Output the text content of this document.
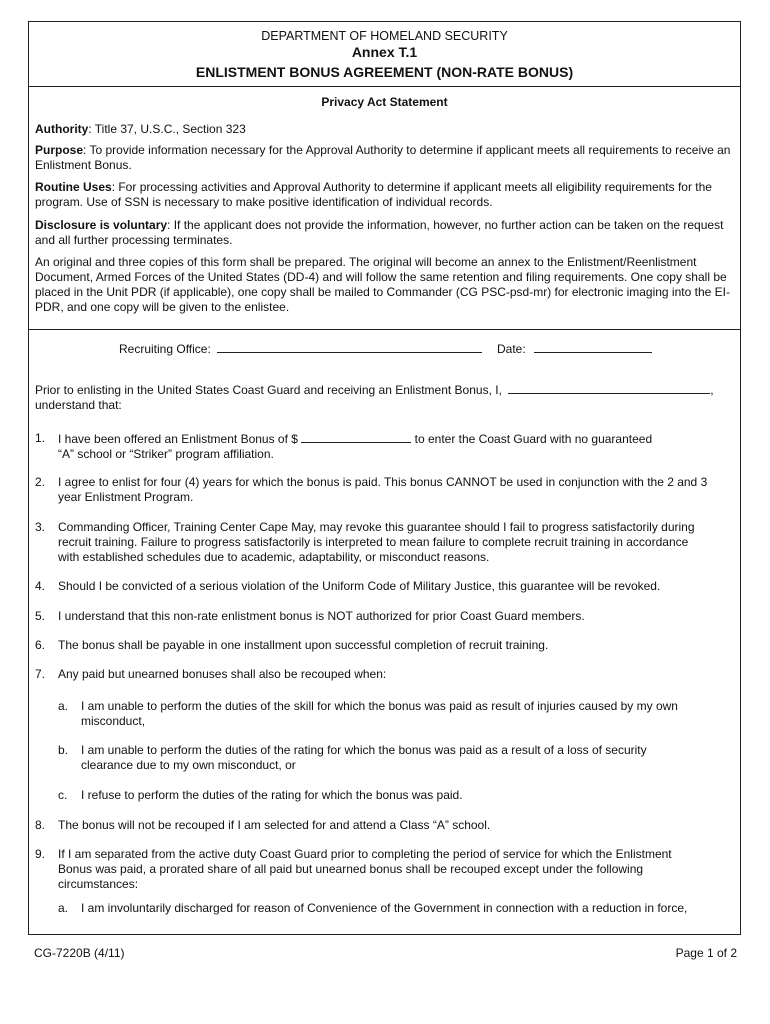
DEPARTMENT OF HOMELAND SECURITY
Annex T.1
ENLISTMENT BONUS AGREEMENT (NON-RATE BONUS)
Privacy Act Statement

Authority: Title 37, U.S.C., Section 323

Purpose: To provide information necessary for the Approval Authority to determine if applicant meets all requirements to receive an Enlistment Bonus.

Routine Uses: For processing activities and Approval Authority to determine if applicant meets all eligibility requirements for the program. Use of SSN is necessary to make positive identification of individual records.

Disclosure is voluntary: If the applicant does not provide the information, however, no further action can be taken on the request and all further processing terminates.

An original and three copies of this form shall be prepared. The original will become an annex to the Enlistment/Reenlistment Document, Armed Forces of the United States (DD-4) and will follow the same retention and filing requirements. One copy shall be placed in the Unit PDR (if applicable), one copy shall be mailed to Commander (CG PSC-psd-mr) for electronic imaging into the EI-PDR, and one copy will be given to the enlistee.

Recruiting Office:	Date:
Prior to enlisting in the United States Coast Guard and receiving an Enlistment Bonus, I,	,
understand that:
1. I have been offered an Enlistment Bonus of $	to enter the Coast Guard with no guaranteed
“A” school or “Striker” program affiliation.
2. I agree to enlist for four (4) years for which the bonus is paid. This bonus CANNOT be used in conjunction with the 2 and 3 year Enlistment Program.
3. Commanding Officer, Training Center Cape May, may revoke this guarantee should I fail to progress satisfactorily during recruit training. Failure to progress satisfactorily is interpreted to mean failure to complete recruit training in accordance with established schedules due to academic, adaptability, or misconduct reasons.
4. Should I be convicted of a serious violation of the Uniform Code of Military Justice, this guarantee will be revoked.
5. I understand that this non-rate enlistment bonus is NOT authorized for prior Coast Guard members.
6. The bonus shall be payable in one installment upon successful completion of recruit training.
7. Any paid but unearned bonuses shall also be recouped when:
a. I am unable to perform the duties of the skill for which the bonus was paid as result of injuries caused by my own misconduct,
b. I am unable to perform the duties of the rating for which the bonus was paid as a result of a loss of security clearance due to my own misconduct, or
c. I refuse to perform the duties of the rating for which the bonus was paid.
8. The bonus will not be recouped if I am selected for and attend a Class “A” school.
9. If I am separated from the active duty Coast Guard prior to completing the period of service for which the Enlistment Bonus was paid, a prorated share of all paid but unearned bonus shall be recouped except under the following circumstances:
a. I am involuntarily discharged for reason of Convenience of the Government in connection with a reduction in force,
CG-7220B (4/11)	Page 1 of 2
